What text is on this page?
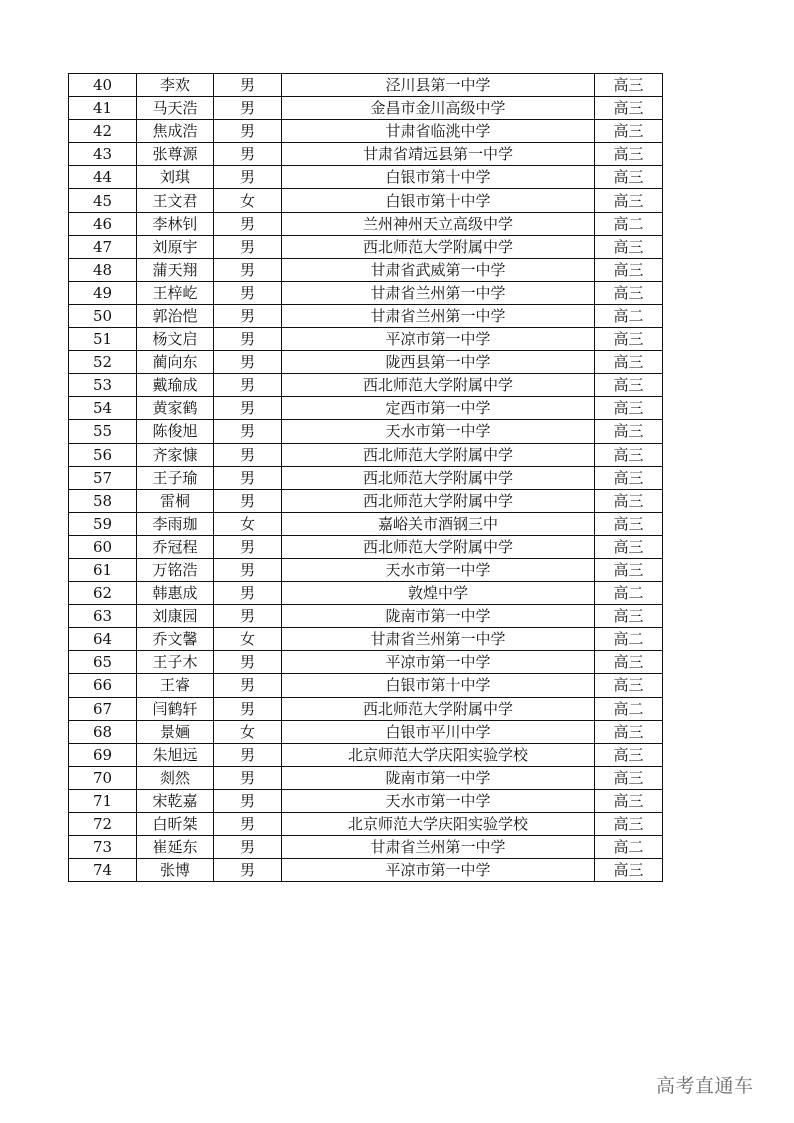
40	李欢	男	泾川县第一中学	高三
41	马天浩	男	金昌市金川高级中学	高三
42	焦成浩	男	甘肃省临洮中学	高三
43	张尊源	男	甘肃省靖远县第一中学	高三
44	刘琪	男	白银市第十中学	高三
45	王文君	女	白银市第十中学	高三
46	李林钊	男	兰州神州天立高级中学	高二
47	刘原宇	男	西北师范大学附属中学	高三
48	蒲天翔	男	甘肃省武威第一中学	高三
49	王梓屹	男	甘肃省兰州第一中学	高三
50	郭治恺	男	甘肃省兰州第一中学	高二
51	杨文启	男	平凉市第一中学	高三
52	蔺向东	男	陇西县第一中学	高三
53	戴瑜成	男	西北师范大学附属中学	高三
54	黄家鹤	男	定西市第一中学	高三
55	陈俊旭	男	天水市第一中学	高三
56	齐家慷	男	西北师范大学附属中学	高三
57	王子瑜	男	西北师范大学附属中学	高三
58	雷桐	男	西北师范大学附属中学	高三
59	李雨珈	女	嘉峪关市酒钢三中	高三
60	乔冠程	男	西北师范大学附属中学	高三
61	万铭浩	男	天水市第一中学	高三
62	韩惠成	男	敦煌中学	高二
63	刘康园	男	陇南市第一中学	高三
64	乔文馨	女	甘肃省兰州第一中学	高二
65	王子木	男	平凉市第一中学	高三
66	王睿	男	白银市第十中学	高三
67	闫鹤轩	男	西北师范大学附属中学	高二
68	景婳	女	白银市平川中学	高三
69	朱旭远	男	北京师范大学庆阳实验学校	高三
70	剡然	男	陇南市第一中学	高三
71	宋乾嘉	男	天水市第一中学	高三
72	白昕桀	男	北京师范大学庆阳实验学校	高三
73	崔延东	男	甘肃省兰州第一中学	高二
74	张博	男	平凉市第一中学	高三
高考直通车
